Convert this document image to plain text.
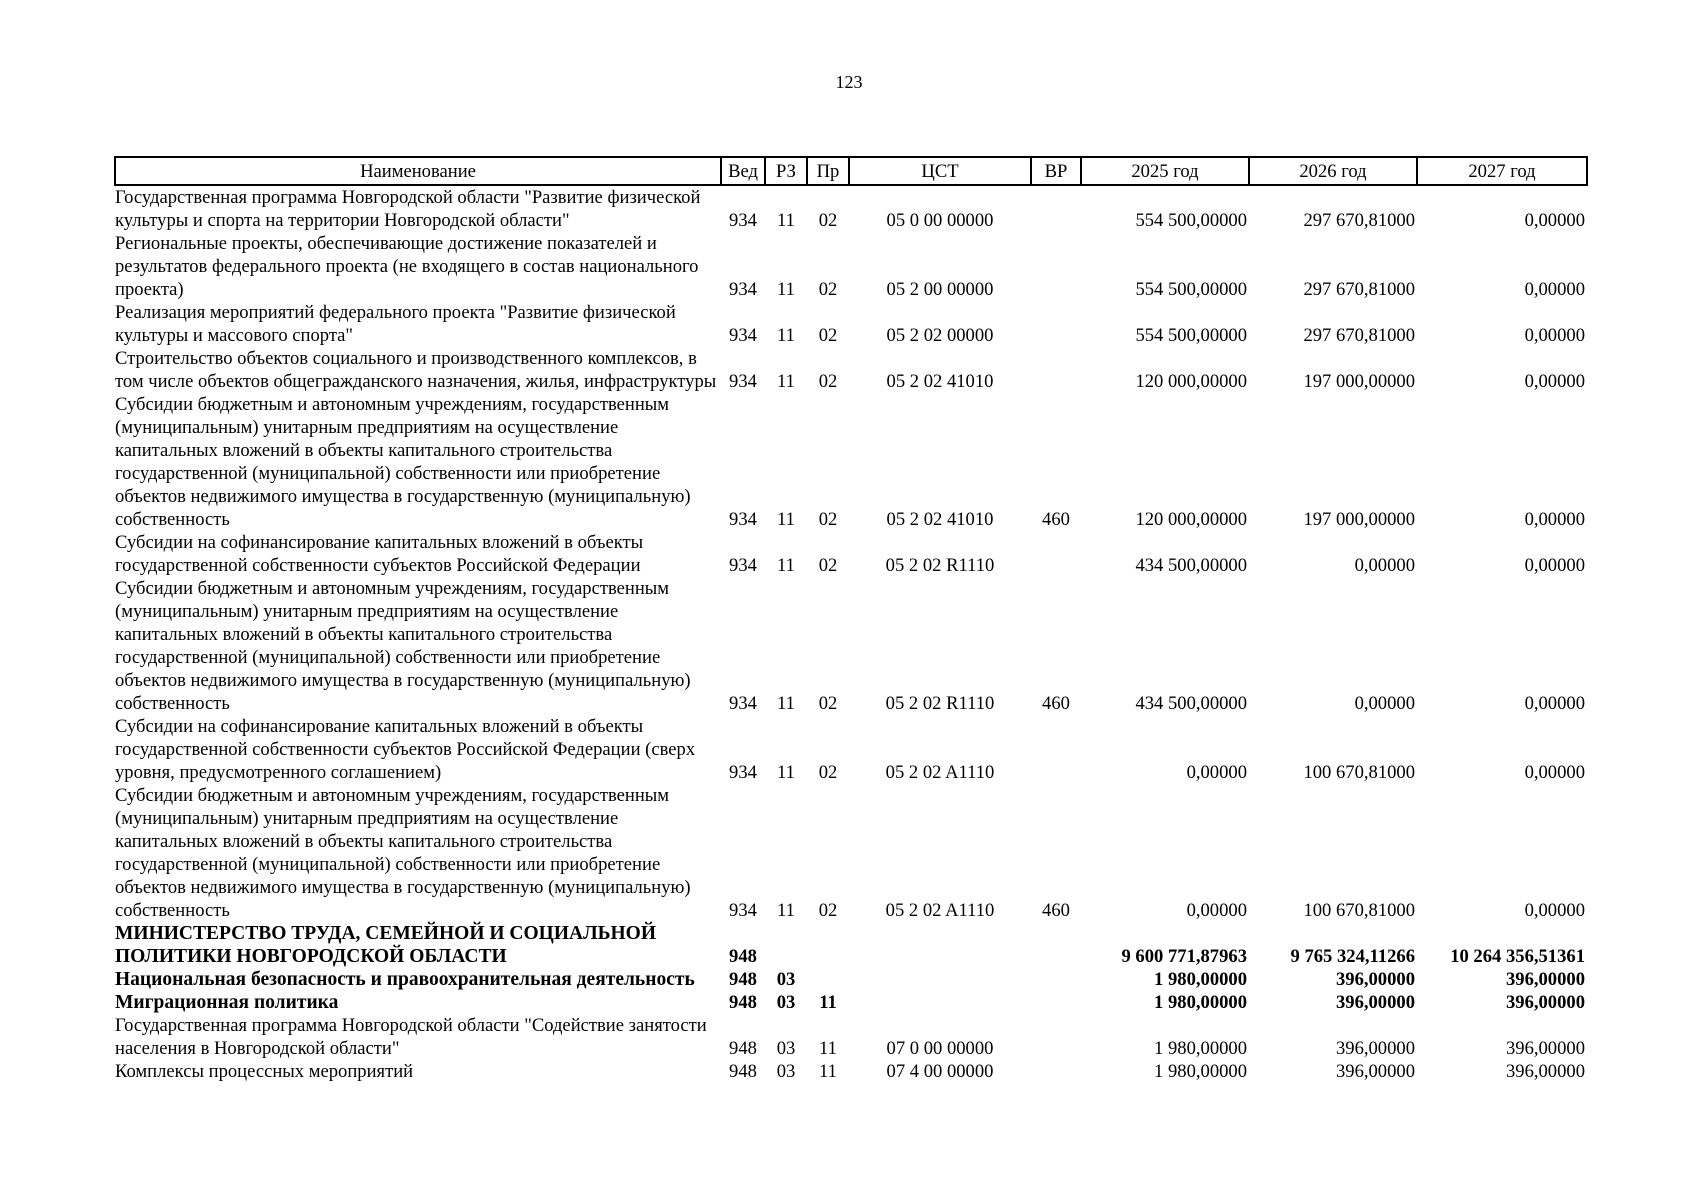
123
Наименование	Вед	РЗ	Пр	ЦСТ	ВР	2025 год	2026 год	2027 год
Государственная программа Новгородской области "Развитие физической культуры и спорта на территории Новгородской области"	934	11	02	05 0 00 00000		554 500,00000	297 670,81000	0,00000
Региональные проекты, обеспечивающие достижение показателей и результатов федерального проекта (не входящего в состав национального проекта)	934	11	02	05 2 00 00000		554 500,00000	297 670,81000	0,00000
Реализация мероприятий федерального проекта "Развитие физической культуры и массового спорта"	934	11	02	05 2 02 00000		554 500,00000	297 670,81000	0,00000
Строительство объектов социального и производственного комплексов, в том числе объектов общегражданского назначения, жилья, инфраструктуры	934	11	02	05 2 02 41010		120 000,00000	197 000,00000	0,00000
Субсидии бюджетным и автономным учреждениям, государственным (муниципальным) унитарным предприятиям на осуществление капитальных вложений в объекты капитального строительства государственной (муниципальной) собственности или приобретение объектов недвижимого имущества в государственную (муниципальную) собственность	934	11	02	05 2 02 41010	460	120 000,00000	197 000,00000	0,00000
Субсидии на софинансирование капитальных вложений в объекты государственной собственности субъектов Российской Федерации	934	11	02	05 2 02 R1110		434 500,00000	0,00000	0,00000
Субсидии бюджетным и автономным учреждениям, государственным (муниципальным) унитарным предприятиям на осуществление капитальных вложений в объекты капитального строительства государственной (муниципальной) собственности или приобретение объектов недвижимого имущества в государственную (муниципальную) собственность	934	11	02	05 2 02 R1110	460	434 500,00000	0,00000	0,00000
Субсидии на софинансирование капитальных вложений в объекты государственной собственности субъектов Российской Федерации (сверх уровня, предусмотренного соглашением)	934	11	02	05 2 02 A1110		0,00000	100 670,81000	0,00000
Субсидии бюджетным и автономным учреждениям, государственным (муниципальным) унитарным предприятиям на осуществление капитальных вложений в объекты капитального строительства государственной (муниципальной) собственности или приобретение объектов недвижимого имущества в государственную (муниципальную) собственность	934	11	02	05 2 02 A1110	460	0,00000	100 670,81000	0,00000
МИНИСТЕРСТВО ТРУДА, СЕМЕЙНОЙ И СОЦИАЛЬНОЙ ПОЛИТИКИ НОВГОРОДСКОЙ ОБЛАСТИ	948					9 600 771,87963	9 765 324,11266	10 264 356,51361
Национальная безопасность и правоохранительная деятельность	948	03				1 980,00000	396,00000	396,00000
Миграционная политика	948	03	11			1 980,00000	396,00000	396,00000
Государственная программа Новгородской области "Содействие занятости населения в Новгородской области"	948	03	11	07 0 00 00000		1 980,00000	396,00000	396,00000
Комплексы процессных мероприятий	948	03	11	07 4 00 00000		1 980,00000	396,00000	396,00000
